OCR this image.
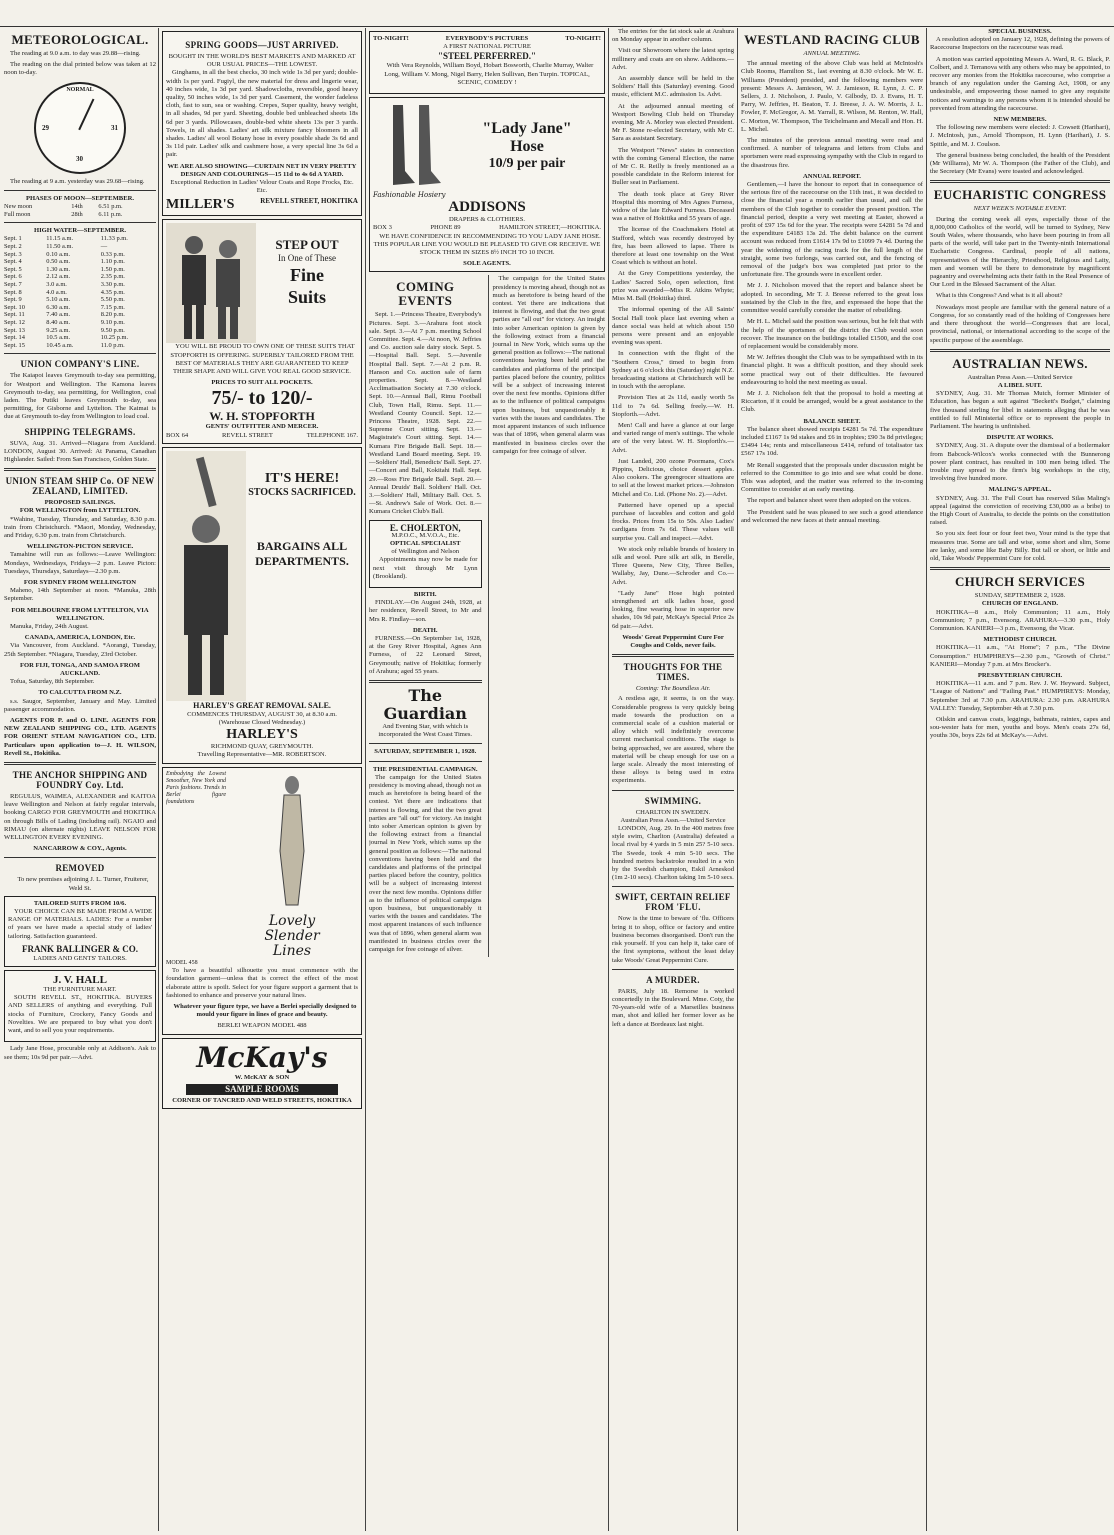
METEOROLOGICAL.

The reading at 9.0 a.m. to day was 29.88—rising.

The reading on the dial printed below was taken at 12 noon to-day.

NORMAL
29	31
30

The reading at 9 a.m. yesterday was 29.68—rising.

PHASES OF MOON—SEPTEMBER.
New moon	14th	6.51 p.m.
Full moon	28th	6.11 p.m.
HIGH WATER—SEPTEMBER.
Sept. 1	11.15 a.m.	11.33 p.m.
Sept. 2	11.50 a.m.	—
Sept. 3	0.10 a.m.	0.33 p.m.
Sept. 4	0.50 a.m.	1.10 p.m.
Sept. 5	1.30 a.m.	1.50 p.m.
Sept. 6	2.12 a.m.	2.35 p.m.
Sept. 7	3.0 a.m.	3.30 p.m.
Sept. 8	4.0 a.m.	4.35 p.m.
Sept. 9	5.10 a.m.	5.50 p.m.
Sept. 10	6.30 a.m.	7.15 p.m.
Sept. 11	7.40 a.m.	8.20 p.m.
Sept. 12	8.40 a.m.	9.10 p.m.
Sept. 13	9.25 a.m.	9.50 p.m.
Sept. 14	10.5 a.m.	10.25 p.m.
Sept. 15	10.45 a.m.	11.0 p.m.
UNION COMPANY'S LINE.

The Kaiapoi leaves Greymouth to-day sea permitting, for Westport and Wellington. The Kamona leaves Greymouth to-day, sea permitting, for Wellington, coal laden. The Putiki leaves Greymouth to-day, sea permitting, for Gisborne and Lyttelton. The Kaimai is due at Greymouth to-day from Wellington to load coal.

SHIPPING TELEGRAMS.

SUVA, Aug. 31. Arrived—Niagara from Auckland. LONDON, August 30. Arrived: At Panama, Canadian Highlander. Sailed: From San Francisco, Golden State.

UNION STEAM SHIP Co. OF NEW ZEALAND, LIMITED.
PROPOSED SAILINGS.
FOR WELLINGTON from LYTTELTON.

*Wahine, Tuesday, Thursday, and Saturday, 8.30 p.m. train from Christchurch. *Maori, Monday, Wednesday, and Friday, 6.30 p.m. train from Christchurch.

WELLINGTON-PICTON SERVICE.

Tamahine will run as follows:—Leave Wellington: Mondays, Wednesdays, Fridays—2 p.m. Leave Picton: Tuesdays, Thursdays, Saturdays—2.30 p.m.

FOR SYDNEY FROM WELLINGTON

Maheno, 14th September at noon. *Manuka, 28th September.

FOR MELBOURNE FROM LYTTELTON, VIA WELLINGTON.

Manuka, Friday, 24th August.

CANADA, AMERICA, LONDON, Etc.

Via Vancouver, from Auckland. *Aorangi, Tuesday, 25th September. *Niagara, Tuesday, 23rd October.

FOR FIJI, TONGA, AND SAMOA FROM AUCKLAND.

Tofua, Saturday, 8th September.

TO CALCUTTA FROM N.Z.

s.s. Saugor, September, January and May. Limited passenger accommodation.

AGENTS FOR P. and O. LINE. AGENTS FOR NEW ZEALAND SHIPPING CO., LTD. AGENTS FOR ORIENT STEAM NAVIGATION CO., LTD. Particulars upon application to—J. H. WILSON, Revell St., Hokitika.

THE ANCHOR SHIPPING AND FOUNDRY Coy. Ltd.

REGULUS, WAIMEA, ALEXANDER and KAITOA leave Wellington and Nelson at fairly regular intervals, booking CARGO FOR GREYMOUTH and HOKITIKA on through Bills of Lading (including rail). NGAIO and RIMAU (on alternate nights) LEAVE NELSON FOR WELLINGTON EVERY EVENING.

NANCARROW & COY., Agents.
REMOVED

To new premises adjoining J. L. Turner, Fruiterer, Weld St.

TAILORED SUITS FROM 10/6.

YOUR CHOICE CAN BE MADE FROM A WIDE RANGE OF MATERIALS. LADIES: For a number of years we have made a special study of ladies' tailoring. Satisfaction guaranteed.

FRANK BALLINGER & CO.
LADIES AND GENTS' TAILORS.
J. V. HALL
THE FURNITURE MART.

SOUTH REVELL ST., HOKITIKA. BUYERS AND SELLERS of anything and everything. Full stocks of Furniture, Crockery, Fancy Goods and Novelties. We are prepared to buy what you don't want, and to sell you your requirements.

Lady Jane Hose, procurable only at Addison's. Ask to see them; 10s 9d per pair.—Advt.

SPRING GOODS—JUST ARRIVED.
BOUGHT IN THE WORLD'S BEST MARKETS AND MARKED AT OUR USUAL PRICES—THE LOWEST.

Ginghams, in all the best checks, 30 inch wide 1s 3d per yard; double-width 1s per yard. Fugiyl, the new material for dress and lingerie wear, 40 inches wide, 1s 3d per yard. Shadowcloths, reversible, good heavy quality, 50 inches wide, 1s 3d per yard. Casement, the wonder fadeless cloth, fast to sun, sea or washing. Crepes, Super quality, heavy weight, in all shades, 9d per yard. Sheeting, double bed unbleached sheets 18s 6d per 3 yards. Pillowcases, double-bed white sheets 13s per 3 yards. Towels, in all shades. Ladies' art silk mixture fancy bloomers in all shades. Ladies' all wool Botany hose in every possible shade 3s 6d and 3s 11d pair. Ladies' silk and cashmere hose, a very special line 3s 6d a pair.

WE ARE ALSO SHOWING—CURTAIN NET IN VERY PRETTY DESIGN AND COLOURINGS—15 11d to 4s 6d A YARD.
Exceptional Reduction in Ladies' Velour Coats and Rope Frocks, Etc. Etc.
MILLER'S	REVELL STREET, HOKITIKA
STEP OUT
In One of These
Fine
Suits

YOU WILL BE PROUD TO OWN ONE OF THESE SUITS THAT STOPFORTH IS OFFERING. SUPERBLY TAILORED FROM THE BEST OF MATERIALS THEY ARE GUARANTEED TO KEEP THEIR SHAPE AND WILL GIVE YOU REAL GOOD SERVICE.

PRICES TO SUIT ALL POCKETS.
75/- to 120/-
W. H. STOPFORTH
GENTS' OUTFITTER AND MERCER.
BOX 64	REVELL STREET	TELEPHONE 167.
IT'S HERE!
STOCKS SACRIFICED.
BARGAINS ALL DEPARTMENTS.
HARLEY'S GREAT REMOVAL SALE.
COMMENCES THURSDAY, AUGUST 30, at 8.30 a.m.
(Warehouse Closed Wednesday.)
HARLEY'S
RICHMOND QUAY, GREYMOUTH.
Travelling Representative—MR. ROBERTSON.
Embodying the Lowest Smoother, New York and Paris fashions. Trends in Berlei figure foundations
Lovely
Slender
Lines
MODEL 458

To have a beautiful silhouette you must commence with the foundation garment—unless that is correct the effect of the most elaborate attire is spoilt. Select for your figure support a garment that is fashioned to enhance and preserve your natural lines.

Whatever your figure type, we have a Berlei specially designed to mould your figure in lines of grace and beauty.

BERLEI WEAPON MODEL 488
McKay's
W. McKAY & SON
SAMPLE ROOMS
CORNER OF TANCRED AND WELD STREETS, HOKITIKA
TO-NIGHT!	EVERYBODY'S PICTURES	TO-NIGHT!
A FIRST NATIONAL PICTURE
"STEEL PERFERRED."

With Vera Reynolds, William Boyd, Hobart Bosworth, Charlie Murray, Walter Long, William V. Mong, Nigel Barry, Helen Sullivan, Ben Turpin. TOPICAL, SCENIC, COMEDY !

"Lady Jane"
Hose
10/9 per pair
Fashionable Hosiery
ADDISONS
DRAPERS & CLOTHIERS.
BOX 3	PHONE 89	HAMILTON STREET,—HOKITIKA.

WE HAVE CONFIDENCE IN RECOMMENDING TO YOU LADY JANE HOSE. THIS POPULAR LINE YOU WOULD BE PLEASED TO GIVE OR RECEIVE. WE STOCK THEM IN SIZES 8½ INCH TO 10 INCH.

SOLE AGENTS.
COMING EVENTS

Sept. 1.—Princess Theatre, Everybody's Pictures. Sept. 3.—Arahura foot stock sale. Sept. 3.—At 7 p.m. meeting School Committee. Sept. 4.—At noon, W. Jeffries and Co. auction sale dairy stock. Sept. 5.—Hospital Ball. Sept. 5.—Juvenile Hospital Ball. Sept. 7.—At 2 p.m. R. Hanson and Co. auction sale of farm properties. Sept. 8.—Westland Acclimatisation Society at 7.30 o'clock. Sept. 10.—Annual Ball, Rimu Football Club, Town Hall, Rimu. Sept. 11.—Westland County Council. Sept. 12.—Princess Theatre, 1928. Sept. 22.—Supreme Court sitting. Sept. 13.—Magistrate's Court sitting. Sept. 14.—Kumara Fire Brigade Ball. Sept. 18.—Westland Land Board meeting. Sept. 19.—Soldiers' Hall, Benedicts' Ball. Sept. 27.—Concert and Ball, Kokitahi Hall. Sept. 29.—Ross Fire Brigade Ball. Sept. 20.—Annual Druids' Ball. Soldiers' Hall. Oct. 3.—Soldiers' Hall, Military Ball. Oct. 5.—St. Andrew's Sale of Work. Oct. 8.—Kumara Cricket Club's Ball.

E. CHOLERTON,
M.P.O.C., M.V.O.A., Etc.
OPTICAL SPECIALIST
of Wellington and Nelson

Appointments may now be made for next visit through Mr Lynn (Brookland).

BIRTH.

FINDLAY.—On August 24th, 1928, at her residence, Revell Street, to Mr and Mrs R. Findlay—son.

DEATH.

FURNESS.—On September 1st, 1928, at the Grey River Hospital, Agnes Ann Furness, of 22 Leonard Street, Greymouth; native of Hokitika; formerly of Arahura; aged 55 years.

The Guardian
And Evening Star, with which is incorporated the West Coast Times.
SATURDAY, SEPTEMBER 1, 1928.
THE PRESIDENTIAL CAMPAIGN.

The campaign for the United States presidency is moving ahead, though not as much as heretofore is being heard of the contest. Yet there are indications that interest is flowing, and that the two great parties are "all out" for victory. An insight into sober American opinion is given by the following extract from a financial journal in New York, which sums up the general position as follows:—The national conventions having been held and the candidates and platforms of the principal parties placed before the country, politics will be a subject of increasing interest over the next few months. Opinions differ as to the influence of political campaigns upon business, but unquestionably it varies with the issues and candidates. The most apparent instances of such influence was that of 1896, when general alarm was manifested in business circles over the campaign for free coinage of silver.

The campaign for the United States presidency is moving ahead, though not as much as heretofore is being heard of the contest. Yet there are indications that interest is flowing, and that the two great parties are "all out" for victory. An insight into sober American opinion is given by the following extract from a financial journal in New York, which sums up the general position as follows:—The national conventions having been held and the candidates and platforms of the principal parties placed before the country, politics will be a subject of increasing interest over the next few months. Opinions differ as to the influence of political campaigns upon business, but unquestionably it varies with the issues and candidates. The most apparent instances of such influence was that of 1896, when general alarm was manifested in business circles over the campaign for free coinage of silver.

The entries for the fat stock sale at Arahura on Monday appear in another column.

Visit our Showroom where the latest spring millinery and coats are on show. Addisons.—Advt.

An assembly dance will be held in the Soldiers' Hall this (Saturday) evening. Good music, efficient M.C. admission 1s. Advt.

At the adjourned annual meeting of Westport Bowling Club held on Thursday evening, Mr A. Morley was elected President. Mr F. Stone re-elected Secretary, with Mr C. Sara as assistant Secretary.

The Westport "News" states in connection with the coming General Election, the name of Mr C. R. Reilly is freely mentioned as a possible candidate in the Reform interest for Buller seat in Parliament.

The death took place at Grey River Hospital this morning of Mrs Agnes Furness, widow of the late Edward Furness. Deceased was a native of Hokitika and 55 years of age.

The license of the Coachmakers Hotel at Stafford, which was recently destroyed by fire, has been allowed to lapse. There is therefore at least one township on the West Coast which is without an hotel.

At the Grey Competitions yesterday, the Ladies' Sacred Solo, open selection, first prize was awarded—Miss R. Atkins Whyte; Miss M. Ball (Hokitika) third.

The informal opening of the All Saints' Social Hall took place last evening when a dance social was held at which about 150 persons were present and an enjoyable evening was spent.

In connection with the flight of the "Southern Cross," timed to begin from Sydney at 6 o'clock this (Saturday) night N.Z. broadcasting stations at Christchurch will be in touch with the aeroplane.

Provision Ties at 2s 11d, easily worth 5s 11d to 7s 6d. Selling freely.—W. H. Stopforth.—Advt.

Men! Call and have a glance at our large and varied range of men's suitings. The whole are of the very latest. W. H. Stopforth's.—Advt.

Just Landed, 200 ozone Poormans, Cox's Pippins, Delicious, choice dessert apples. Also cookers. The greengrocer situations are to sell at the lowest market prices.—Johnston Michel and Co. Ltd. (Phone No. 2).—Advt.

Patterned have opened up a special purchase of laceables and cotton and gold frocks. Prices from 15s to 50s. Also Ladies' cardigans from 7s 6d. These values will surprise you. Call and inspect.—Advt.

We stock only reliable brands of hosiery in silk and wool. Pure silk art silk, in Berelle, Three Queens, New City, Three Belles, Wallaby, Jay, Dune.—Schroder and Co.—Advt.

"Lady Jane" Hose high pointed strengthened art silk ladies hose, good looking, fine wearing hose in superior new shades, 10s 9d pair, McKay's Special Price 2s 6d pair.—Advt.

Woods' Great Peppermint Cure For Coughs and Colds, never fails.
THOUGHTS FOR THE TIMES.
Coming: The Boundless Air.

A restless age, it seems, is on the way. Considerable progress is very quickly being made towards the production on a commercial scale of a cushion material or alloy which will indefinitely overcome current mechanical conditions. The stage is being approached, we are assured, where the material will be cheap enough for use on a large scale. Already the most interesting of these alloys is being used in extra experiments.

SWIMMING.
CHARLTON IN SWEDEN.
Australian Press Assn.—United Service

LONDON, Aug. 29. In the 400 metres free style swim, Charlton (Australia) defeated a local rival by 4 yards in 5 min 25? 5-10 secs. The Swede, took 4 min 5-10 secs. The hundred metres backstroke resulted in a win by the Swedish champion, Eskil Arneskod (1m 2-10 secs). Charlton taking 1m 5-10 secs.

SWIFT, CERTAIN RELIEF FROM 'FLU.

Now is the time to beware of 'flu. Officers bring it to shop, office or factory and entire business becomes disorganised. Don't run the risk yourself. If you can help it, take care of the first symptoms, without the least delay take Woods' Great Peppermint Cure.

A MURDER.

PARIS, July 18. Remorse is worked concertedly in the Boulevard. Mme. Coty, the 70-years-old wife of a Marseilles business man, shot and killed her former lover as he left a dance at Bordeaux last night.

WESTLAND RACING CLUB
ANNUAL MEETING.

The annual meeting of the above Club was held at McIntosh's Club Rooms, Hamilton St., last evening at 8.30 o'clock. Mr W. E. Williams (President) presided, and the following members were present: Messrs A. Jamieson, W. J. Jamieson, R. Lynn, J. C. P. Sellers, J. J. Nicholson, J. Paulo, V. Gilbody, D. J. Evans, H. T. Parry, W. Jeffries, H. Beaton, T. J. Breese, J. A. W. Morris, J. L. Fowler, F. McGregor, A. M. Yarrall, R. Wilson, M. Renton, W. Hall, C. Morton, W. Thompson, The Teichelmann and Mecall and Hon. H. L. Michel.

The minutes of the previous annual meeting were read and confirmed. A number of telegrams and letters from Clubs and sportsmen were read expressing sympathy with the Club in regard to the disastrous fire.

ANNUAL REPORT.

Gentlemen,—I have the honour to report that in consequence of the serious fire of the racecourse on the 11th inst., it was decided to close the financial year a month earlier than usual, and call the members of the Club together to consider the present position. The financial period, despite a very wet meeting at Easter, showed a profit of £97 15s 6d for the year. The receipts were £4281 5s 7d and the expenditure £4183 13s 2d. The debit balance on the current account was reduced from £1614 17s 9d to £1099 7s 4d. During the year the widening of the racing track for the full length of the straight, some two furlongs, was carried out, and the fencing of removal of the judge's box was completed just prior to the unfortunate fire. The grounds were in excellent order.

Mr J. J. Nicholson moved that the report and balance sheet be adopted. In seconding, Mr T. J. Breese referred to the great loss sustained by the Club in the fire, and expressed the hope that the committee would carefully consider the matter of rebuilding.

Mr H. L. Michel said the position was serious, but he felt that with the help of the sportsmen of the district the Club would soon recover. The insurance on the buildings totalled £1500, and the cost of replacement would be considerably more.

Mr W. Jeffries thought the Club was to be sympathised with in its financial plight. It was a difficult position, and they should seek some practical way out of their difficulties. He favoured endeavouring to hold the next meeting as usual.

Mr J. J. Nicholson felt that the proposal to hold a meeting at Riccarton, if it could be arranged, would be a great assistance to the Club.

BALANCE SHEET.

The balance sheet showed receipts £4281 5s 7d. The expenditure included £1167 1s 9d stakes and £6 in trophies; £90 3s 8d privileges; £3494 14s; rents and miscellaneous £414, refund of totalisator tax £567 17s 10d.

Mr Renall suggested that the proposals under discussion might be referred to the Committee to go into and see what could be done. This was adopted, and the matter was referred to the in-coming Committee to consider at an early meeting.

The report and balance sheet were then adopted on the voices.

The President said he was pleased to see such a good attendance and welcomed the new faces at their annual meeting.

SPECIAL BUSINESS.

A resolution adopted on January 12, 1928, defining the powers of Racecourse Inspectors on the racecourse was read.

A motion was carried appointing Messrs A. Ward, R. G. Black, P. Colbert, and J. Terranova with any others who may be appointed, to recover any monies from the Hokitika racecourse, who comprise a branch of any regulation under the Gaming Act, 1908, or any undesirable, and empowering those named to give any requisite notices and warnings to any persons whom it is intended should be prevented from attending the racecourse.

NEW MEMBERS.

The following new members were elected: J. Cowsett (Harihari), J. McIntosh, jun., Arnold Thompson, H. Lynn (Harihari), J. S. Spittle, and M. J. Coulson.

The general business being concluded, the health of the President (Mr Williams), Mr W. A. Thompson (the Father of the Club), and the Secretary (Mr Evans) were toasted and acknowledged.

EUCHARISTIC CONGRESS
NEXT WEEK'S NOTABLE EVENT.

During the coming week all eyes, especially those of the 8,000,000 Catholics of the world, will be turned to Sydney, New South Wales, where thousands, who have been pouring in from all parts of the world, will take part in the Twenty-ninth International Eucharistic Congress. Cardinal, people of all nations, representatives of the Hierarchy, Priesthood, Religious and Laity, men and women will be there to demonstrate by magnificent pageantry and overwhelming acts their faith in the Real Presence of Our Lord in the Blessed Sacrament of the Altar.

What is this Congress? And what is it all about?

Nowadays most people are familiar with the general nature of a Congress, for so constantly read of the holding of Congresses here and there throughout the world—Congresses that are local, provincial, national, or international according to the scope of the specific purpose of the assemblage.

AUSTRALIAN NEWS.
Australian Press Assn.—United Service
A LIBEL SUIT.

SYDNEY, Aug. 31. Mr Thomas Mutch, former Minister of Education, has begun a suit against "Beckett's Budget," claiming five thousand sterling for libel in statements alleging that he was entitled to full Ministerial office or to represent the people in Parliament. The hearing is unfinished.

DISPUTE AT WORKS.

SYDNEY, Aug. 31. A dispute over the dismissal of a boilermaker from Babcock-Wilcox's works connected with the Bunnerong power plant contract, has resulted in 100 men being idled. The trouble may spread to the firm's big workshops in the city, involving five hundred more.

MALING'S APPEAL.

SYDNEY, Aug. 31. The Full Court has reserved Silas Maling's appeal (against the conviction of receiving £30,000 as a bribe) to the High Court of Australia, to decide the points on the constitution raised.

So you six feet four or four feet two, Your mind is the type that measures true. Some are tall and wise, some short and slim, Some are lanky, and some like Baby Billy. But tall or short, or little and old, Take Woods' Peppermint Cure for cold.

CHURCH SERVICES
SUNDAY, SEPTEMBER 2, 1928.
CHURCH OF ENGLAND.

HOKITIKA—8 a.m., Holy Communion; 11 a.m., Holy Communion; 7 p.m., Evensong. ARAHURA—3.30 p.m., Holy Communion. KANIERI—3 p.m., Evensong, the Vicar.

METHODIST CHURCH.

HOKITIKA—11 a.m., "At Home"; 7 p.m., "The Divine Consumption." HUMPHREYS—2.30 p.m., "Growth of Christ." KANIERI—Monday 7 p.m. at Mrs Brocker's.

PRESBYTERIAN CHURCH.

HOKITIKA—11 a.m. and 7 p.m. Rev. J. W. Heyward. Subject, "League of Nations" and "Failing Past." HUMPHREYS: Monday, September 3rd at 7.30 p.m. ARAHURA: 2.30 p.m. ARAHURA VALLEY: Tuesday, September 4th at 7.30 p.m.

Oilskin and canvas coats, leggings, bathmats, raintex, capes and sou-wester hats for men, youths and boys. Men's coats 27s 6d, youths 30s, boys 22s 6d at McKay's.—Advt.
